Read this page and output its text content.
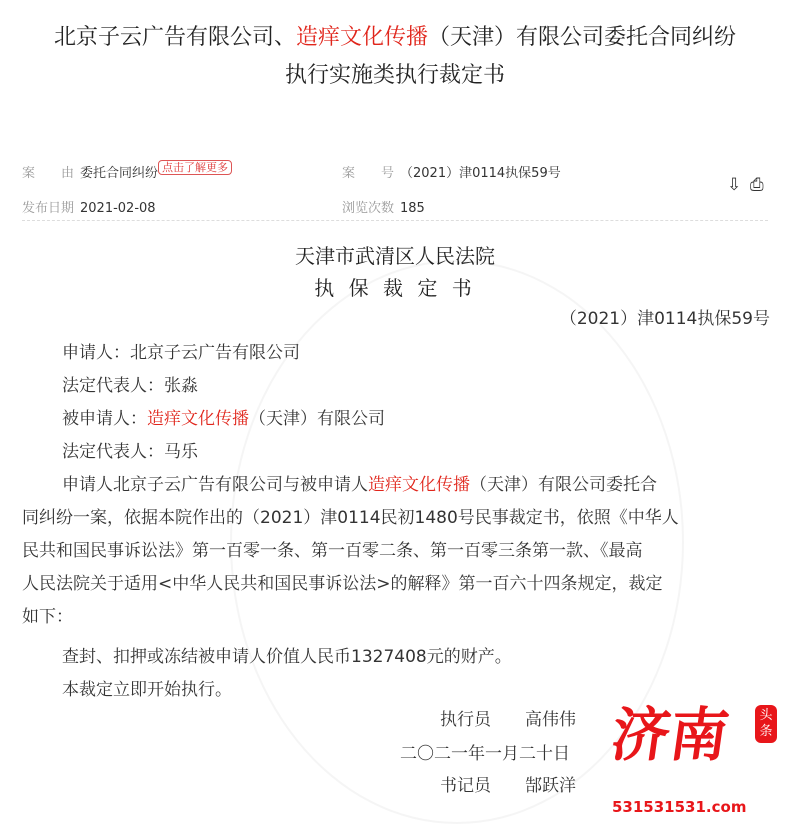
北京子云广告有限公司、造痒文化传播（天津）有限公司委托合同纠纷
执行实施类执行裁定书
案　　由 委托合同纠纷 $^{点击了解更多}$	案　　号 （2021）津0114执保59号
发布日期 2021-02-08	浏览次数 185
⇩ ⎙
天津市武清区人民法院
执 保 裁 定 书
（2021）津0114执保59号
申请人：北京子云广告有限公司
法定代表人：张淼
被申请人：造痒文化传播（天津）有限公司
法定代表人：马乐
申请人北京子云广告有限公司与被申请人造痒文化传播（天津）有限公司委托合
同纠纷一案，依据本院作出的（2021）津0114民初1480号民事裁定书，依照《中华人
民共和国民事诉讼法》第一百零一条、第一百零二条、第一百零三条第一款、《最高
人民法院关于适用<中华人民共和国民事诉讼法>的解释》第一百六十四条规定，裁定
如下：
查封、扣押或冻结被申请人价值人民币1327408元的财产。
本裁定立即开始执行。
执行员　　高伟伟
二〇二一年一月二十日
书记员　　郜跃洋
济南	头条
531531531.com
